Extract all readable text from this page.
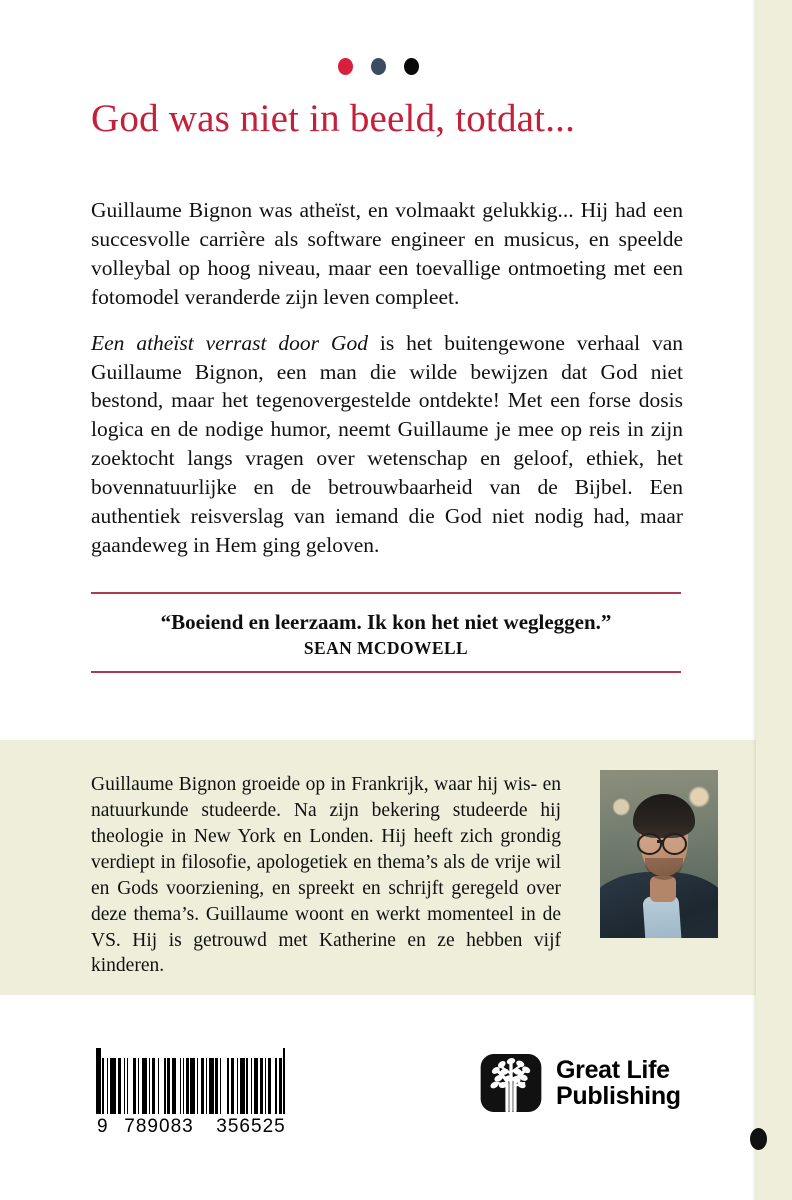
God was niet in beeld, totdat...

Guillaume Bignon was atheïst, en volmaakt gelukkig... Hij had een succesvolle carrière als software engineer en musicus, en speelde volleybal op hoog niveau, maar een toevallige ontmoeting met een fotomodel veranderde zijn leven compleet.

Een atheïst verrast door God is het buitengewone verhaal van Guillaume Bignon, een man die wilde bewijzen dat God niet bestond, maar het tegenovergestelde ontdekte! Met een forse dosis logica en de nodige humor, neemt Guillaume je mee op reis in zijn zoektocht langs vragen over wetenschap en geloof, ethiek, het bovennatuurlijke en de betrouwbaarheid van de Bijbel. Een authentiek reisverslag van iemand die God niet nodig had, maar gaandeweg in Hem ging geloven.

“Boeiend en leerzaam. Ik kon het niet wegleggen.”

SEAN MCDOWELL

Guillaume Bignon groeide op in Frankrijk, waar hij wis- en natuurkunde studeerde. Na zijn bekering studeerde hij theologie in New York en Londen. Hij heeft zich grondig verdiept in filosofie, apologetiek en thema’s als de vrije wil en Gods voorziening, en spreekt en schrijft geregeld over deze thema’s. Guillaume woont en werkt momenteel in de VS. Hij is getrouwd met Katherine en ze hebben vijf kinderen.
9 789083 356525
Great Life
Publishing
